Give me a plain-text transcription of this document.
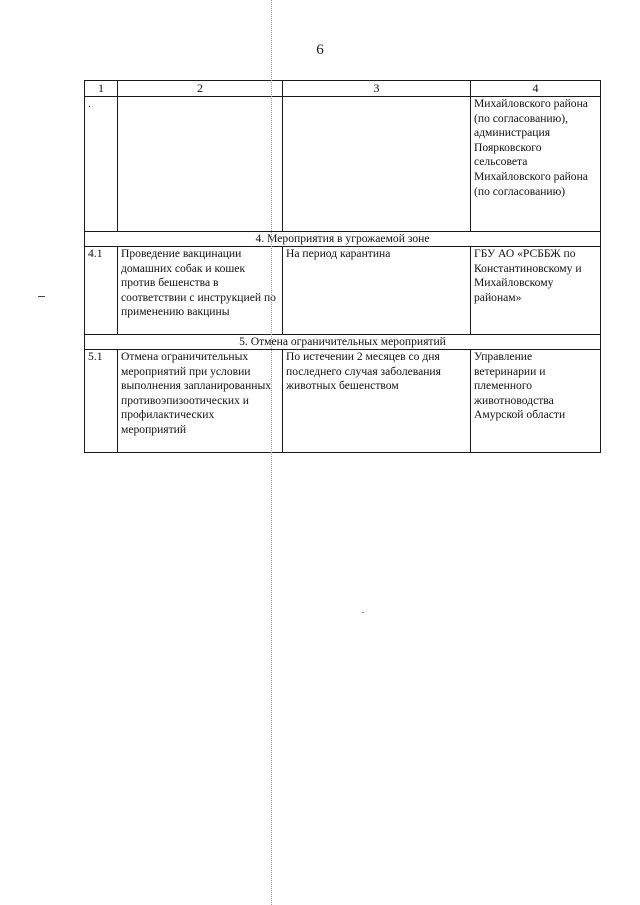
6
1	2	3	4
.			Михайловского района (по согласованию), администрация Поярковского сельсовета Михайловского района (по согласованию)
4. Мероприятия в угрожаемой зоне			
4.1	Проведение вакцинации домашних собак и кошек против бешенства в соответствии с инструкцией по применению вакцины	На период карантина	ГБУ АО «РСББЖ по Константиновскому и Михайловскому районам»
5. Отмена ограничительных мероприятий			
5.1	Отмена ограничительных мероприятий при условии выполнения запланированных противоэпизоотических и профилактических мероприятий	По истечении 2 месяцев со дня последнего случая заболевания животных бешенством	Управление ветеринарии и племенного животноводства Амурской области
